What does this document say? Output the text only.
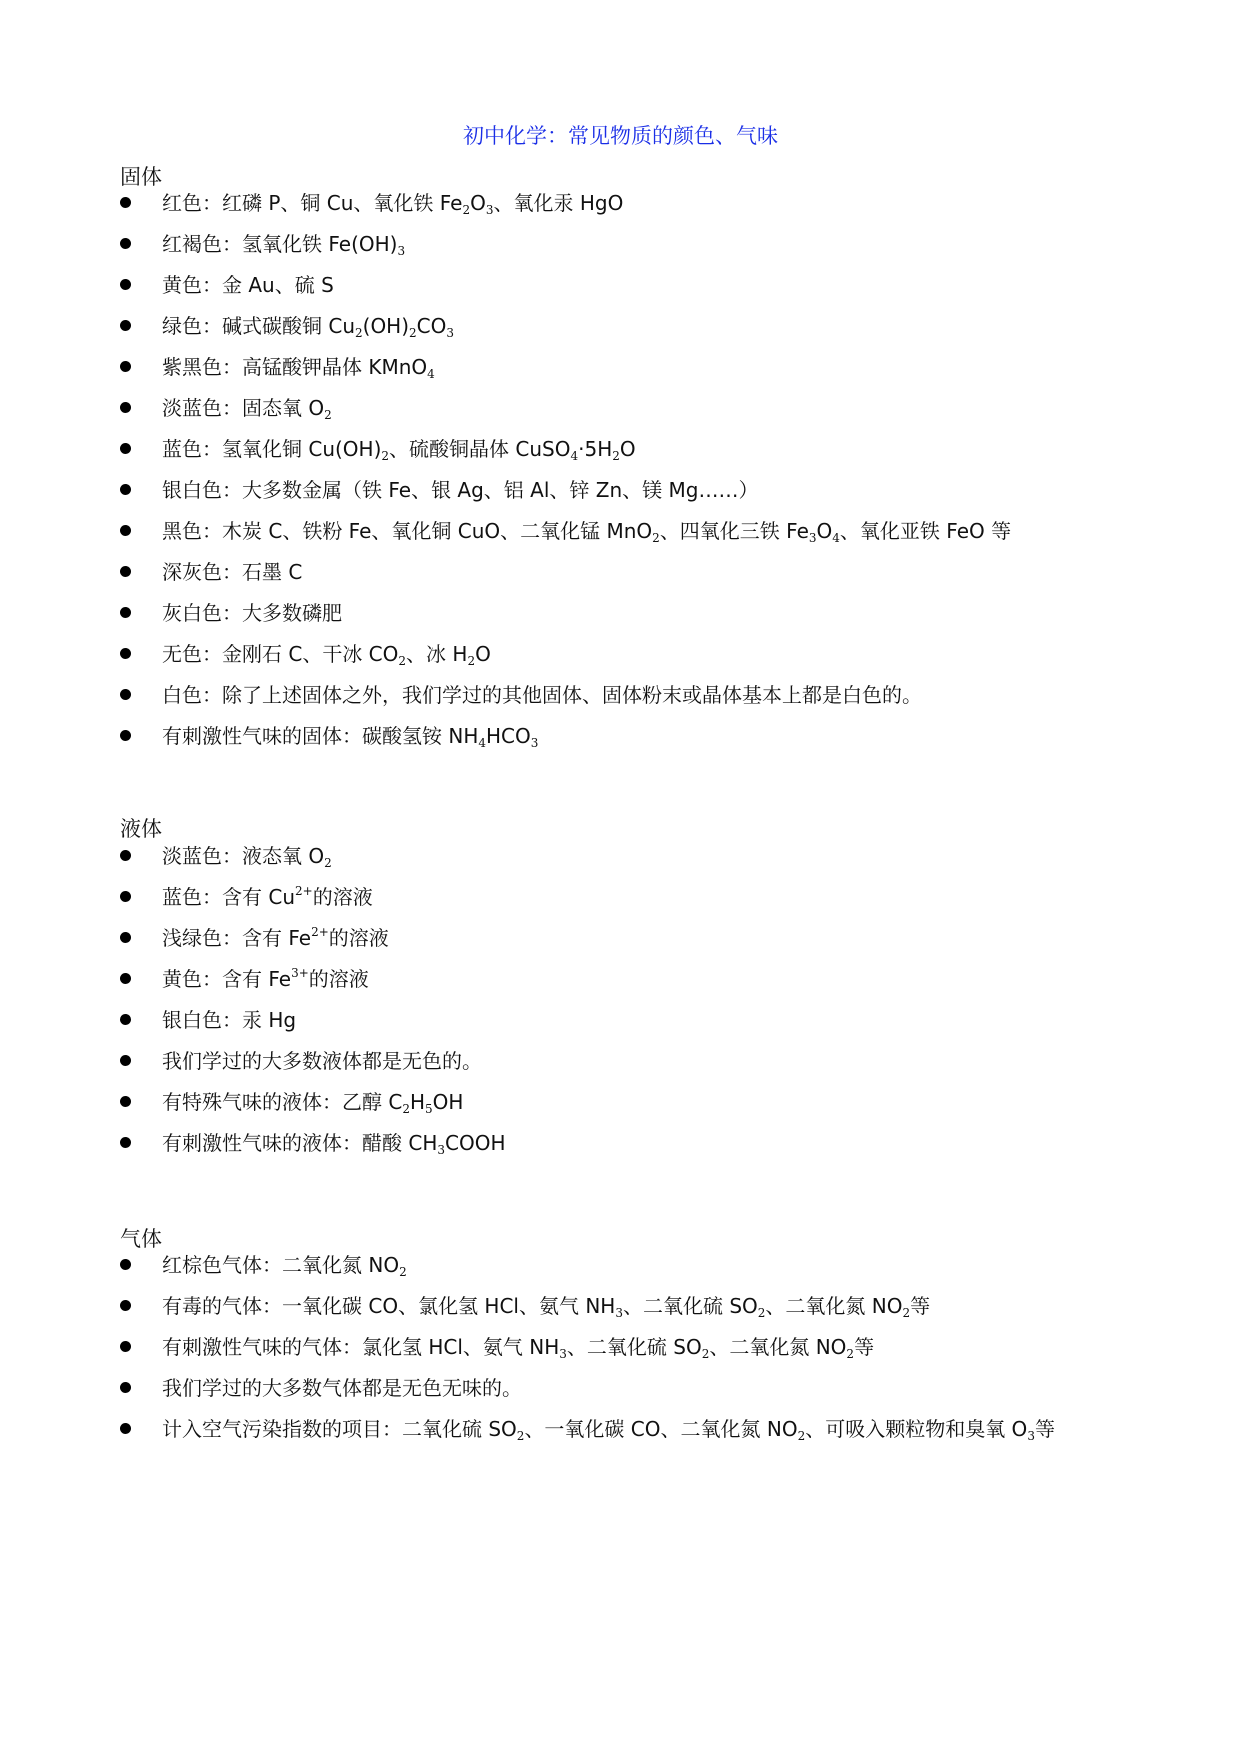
初中化学：常见物质的颜色、气味
固体
红色：红磷 P、铜 Cu、氧化铁 $Fe_2O_3$、氧化汞 HgO
红褐色：氢氧化铁 $Fe(OH)_3$
黄色：金 Au、硫 S
绿色：碱式碳酸铜 $Cu_2(OH)_2CO_3$
紫黑色：高锰酸钾晶体 KMnO$_4$
淡蓝色：固态氧 $O_2$
蓝色：氢氧化铜 $Cu(OH)_2$、硫酸铜晶体 $CuSO_4\cdot 5H_2O$
银白色：大多数金属（铁 Fe、银 Ag、铝 Al、锌 Zn、镁 Mg……）
黑色：木炭 C、铁粉 Fe、氧化铜 CuO、二氧化锰 MnO$_2$、四氧化三铁 $Fe_3O_4$、氧化亚铁 FeO 等
深灰色：石墨 C
灰白色：大多数磷肥
无色：金刚石 C、干冰 $CO_2$、冰 $H_2O$
白色：除了上述固体之外，我们学过的其他固体、固体粉末或晶体基本上都是白色的。
有刺激性气味的固体：碳酸氢铵 $NH_4HCO_3$
液体
淡蓝色：液态氧 $O_2$
蓝色：含有 $Cu^{2+}$的溶液
浅绿色：含有 $Fe^{2+}$的溶液
黄色：含有 $Fe^{3+}$的溶液
银白色：汞 Hg
我们学过的大多数液体都是无色的。
有特殊气味的液体：乙醇 $C_2H_5OH$
有刺激性气味的液体：醋酸 $CH_3COOH$
气体
红棕色气体：二氧化氮 $NO_2$
有毒的气体：一氧化碳 CO、氯化氢 HCl、氨气 $NH_3$、二氧化硫 $SO_2$、二氧化氮 $NO_2$等
有刺激性气味的气体：氯化氢 HCl、氨气 $NH_3$、二氧化硫 $SO_2$、二氧化氮 $NO_2$等
我们学过的大多数气体都是无色无味的。
计入空气污染指数的项目：二氧化硫 $SO_2$、一氧化碳 CO、二氧化氮 $NO_2$、可吸入颗粒物和臭氧 $O_3$等
